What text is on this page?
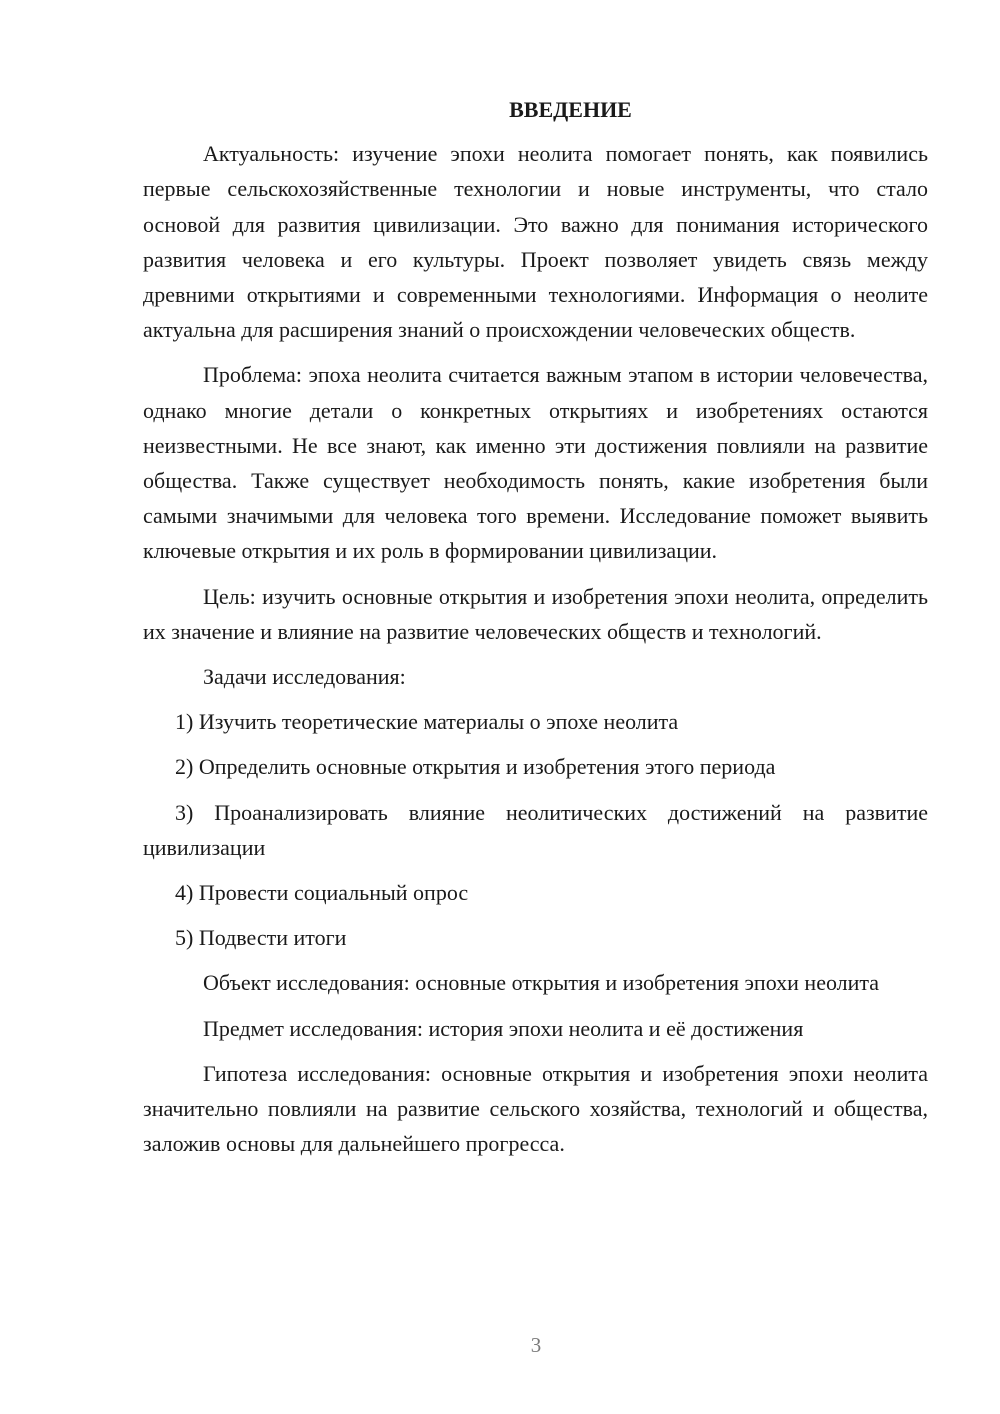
ВВЕДЕНИЕ

Актуальность: изучение эпохи неолита помогает понять, как появились первые сельскохозяйственные технологии и новые инструменты, что стало основой для развития цивилизации. Это важно для понимания исторического развития человека и его культуры. Проект позволяет увидеть связь между древними открытиями и современными технологиями. Информация о неолите актуальна для расширения знаний о происхождении человеческих обществ.

Проблема: эпоха неолита считается важным этапом в истории человечества, однако многие детали о конкретных открытиях и изобретениях остаются неизвестными. Не все знают, как именно эти достижения повлияли на развитие общества. Также существует необходимость понять, какие изобретения были самыми значимыми для человека того времени. Исследование поможет выявить ключевые открытия и их роль в формировании цивилизации.

Цель: изучить основные открытия и изобретения эпохи неолита, определить их значение и влияние на развитие человеческих обществ и технологий.

Задачи исследования:

1) Изучить теоретические материалы о эпохе неолита

2) Определить основные открытия и изобретения этого периода

3) Проанализировать влияние неолитических достижений на развитие цивилизации

4) Провести социальный опрос

5) Подвести итоги

Объект исследования: основные открытия и изобретения эпохи неолита

Предмет исследования: история эпохи неолита и её достижения

Гипотеза исследования: основные открытия и изобретения эпохи неолита значительно повлияли на развитие сельского хозяйства, технологий и общества, заложив основы для дальнейшего прогресса.

3
